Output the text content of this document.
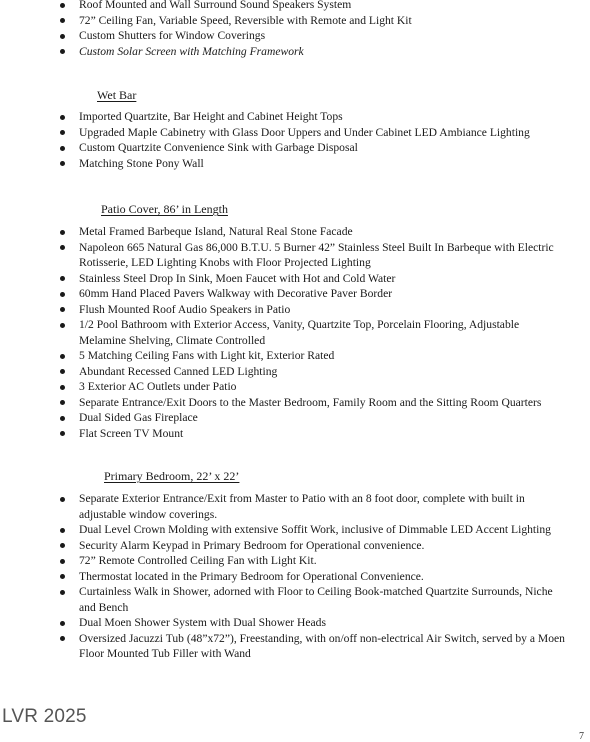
Roof Mounted and Wall Surround Sound Speakers System
72” Ceiling Fan, Variable Speed, Reversible with Remote and Light Kit
Custom Shutters for Window Coverings
Custom Solar Screen with Matching Framework
Wet Bar
Imported Quartzite, Bar Height and Cabinet Height Tops
Upgraded Maple Cabinetry with Glass Door Uppers and Under Cabinet LED Ambiance Lighting
Custom Quartzite Convenience Sink with Garbage Disposal
Matching Stone Pony Wall
Patio Cover, 86’ in Length
Metal Framed Barbeque Island, Natural Real Stone Facade
Napoleon 665 Natural Gas 86,000 B.T.U. 5 Burner 42” Stainless Steel Built In Barbeque with Electric Rotisserie, LED Lighting Knobs with Floor Projected Lighting
Stainless Steel Drop In Sink, Moen Faucet with Hot and Cold Water
60mm Hand Placed Pavers Walkway with Decorative Paver Border
Flush Mounted Roof Audio Speakers in Patio
1/2 Pool Bathroom with Exterior Access, Vanity, Quartzite Top, Porcelain Flooring, Adjustable Melamine Shelving, Climate Controlled
5 Matching Ceiling Fans with Light kit, Exterior Rated
Abundant Recessed Canned LED Lighting
3 Exterior AC Outlets under Patio
Separate Entrance/Exit Doors to the Master Bedroom, Family Room and the Sitting Room Quarters
Dual Sided Gas Fireplace
Flat Screen TV Mount
Primary Bedroom, 22’ x 22’
Separate Exterior Entrance/Exit from Master to Patio with an 8 foot door, complete with built in adjustable window coverings.
Dual Level Crown Molding with extensive Soffit Work, inclusive of Dimmable LED Accent Lighting
Security Alarm Keypad in Primary Bedroom for Operational convenience.
72” Remote Controlled Ceiling Fan with Light Kit.
Thermostat located in the Primary Bedroom for Operational Convenience.
Curtainless Walk in Shower, adorned with Floor to Ceiling Book-matched Quartzite Surrounds, Niche and Bench
Dual Moen Shower System with Dual Shower Heads
Oversized Jacuzzi Tub (48”x72”), Freestanding, with on/off non-electrical Air Switch, served by a Moen Floor Mounted Tub Filler with Wand
LVR 2025
7
